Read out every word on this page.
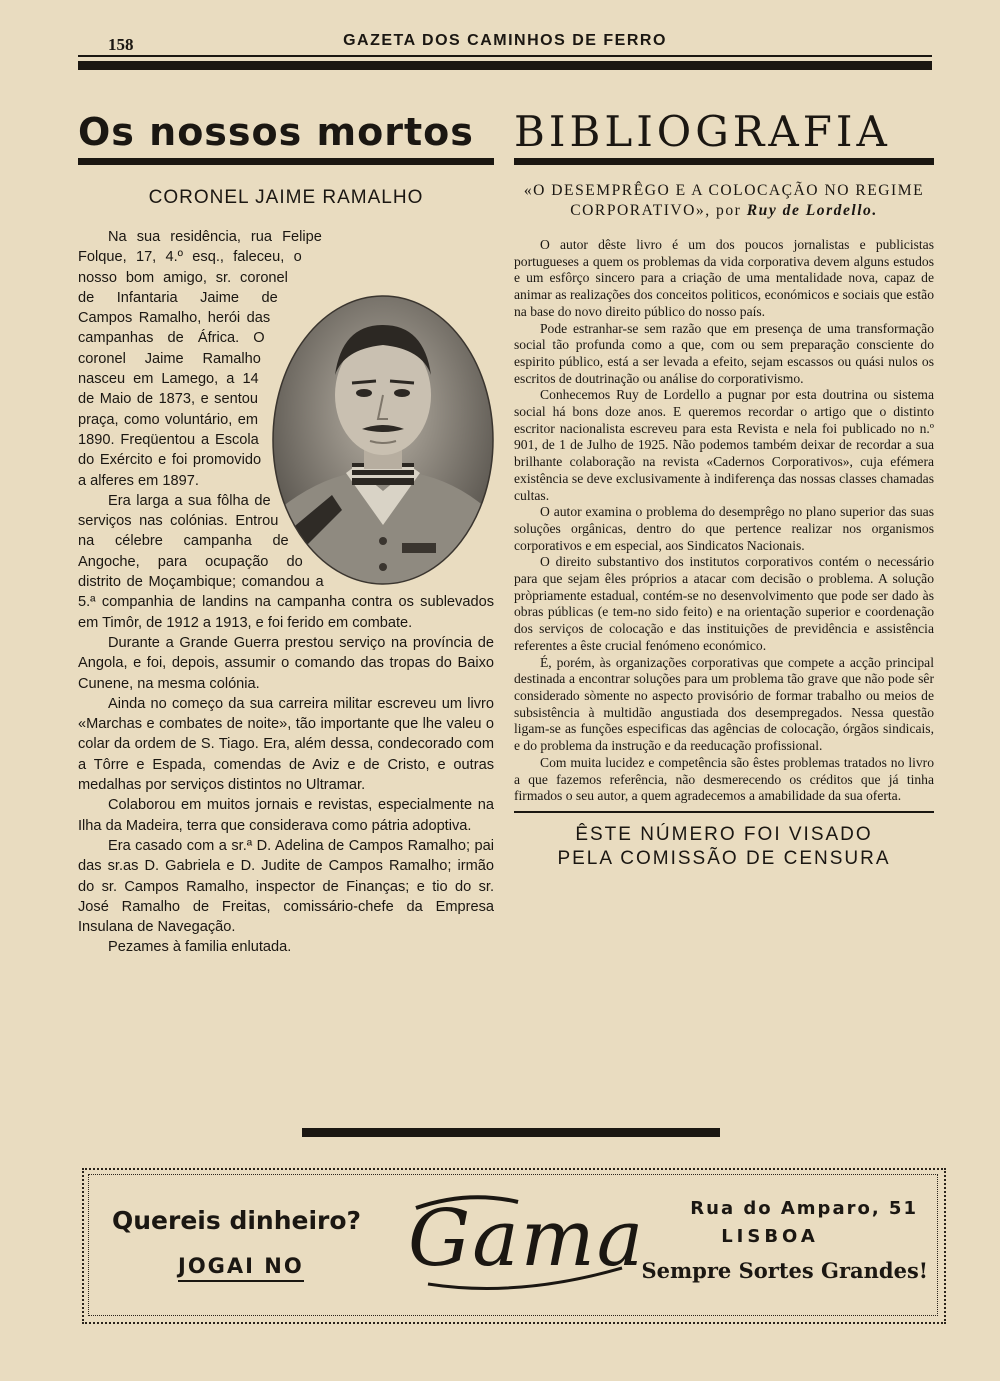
158	GAZETA DOS CAMINHOS DE FERRO
Os nossos mortos
CORONEL JAIME RAMALHO

Na sua residência, rua Felipe Folque, 17, 4.º esq., faleceu, o nosso bom amigo, sr. coronel de Infantaria Jaime de Campos Ramalho, herói das campanhas de África. O coronel Jaime Ramalho nasceu em Lamego, a 14 de Maio de 1873, e sentou praça, como voluntário, em 1890. Freqüentou a Escola do Exército e foi promovido a alferes em 1897.

Era larga a sua fôlha de serviços nas colónias. Entrou na célebre campanha de Angoche, para ocupação do distrito de Moçambique; comandou a 5.ª companhia de landins na campanha contra os sublevados em Timôr, de 1912 a 1913, e foi ferido em combate.

Durante a Grande Guerra prestou serviço na província de Angola, e foi, depois, assumir o comando das tropas do Baixo Cunene, na mesma colónia.

Ainda no começo da sua carreira militar escreveu um livro «Marchas e combates de noite», tão importante que lhe valeu o colar da ordem de S. Tiago. Era, além dessa, condecorado com a Tôrre e Espada, comendas de Aviz e de Cristo, e outras medalhas por serviços distintos no Ultramar.

Colaborou em muitos jornais e revistas, especialmente na Ilha da Madeira, terra que considerava como pátria adoptiva.

Era casado com a sr.ª D. Adelina de Campos Ramalho; pai das sr.as D. Gabriela e D. Judite de Campos Ramalho; irmão do sr. Campos Ramalho, inspector de Finanças; e tio do sr. José Ramalho de Freitas, comissário-chefe da Empresa Insulana de Navegação.

Pezames à familia enlutada.

BIBLIOGRAFIA
«O DESEMPRÊGO E A COLOCAÇÃO NO REGIME CORPORATIVO», por Ruy de Lordello.

O autor dêste livro é um dos poucos jornalistas e publicistas portugueses a quem os problemas da vida corporativa devem alguns estudos e um esfôrço sincero para a criação de uma mentalidade nova, capaz de animar as realizações dos conceitos politicos, económicos e sociais que estão na base do novo direito público do nosso país.

Pode estranhar-se sem razão que em presença de uma transformação social tão profunda como a que, com ou sem preparação consciente do espirito público, está a ser levada a efeito, sejam escassos ou quási nulos os escritos de doutrinação ou análise do corporativismo.

Conhecemos Ruy de Lordello a pugnar por esta doutrina ou sistema social há bons doze anos. E queremos recordar o artigo que o distinto escritor nacionalista escreveu para esta Revista e nela foi publicado no n.º 901, de 1 de Julho de 1925. Não podemos também deixar de recordar a sua brilhante colaboração na revista «Cadernos Corporativos», cuja efémera existência se deve exclusivamente à indiferença das nossas classes chamadas cultas.

O autor examina o problema do desemprêgo no plano superior das suas soluções orgânicas, dentro do que pertence realizar nos organismos corporativos e em especial, aos Sindicatos Nacionais.

O direito substantivo dos institutos corporativos contém o necessário para que sejam êles próprios a atacar com decisão o problema. A solução pròpriamente estadual, contém-se no desenvolvimento que pode ser dado às obras públicas (e tem-no sido feito) e na orientação superior e coordenação dos serviços de colocação e das instituições de previdência e assistência referentes a êste crucial fenómeno económico.

É, porém, às organizações corporativas que compete a acção principal destinada a encontrar soluções para um problema tão grave que não pode sêr considerado sòmente no aspecto provisório de formar trabalho ou meios de subsistência à multidão angustiada dos desempregados. Nessa questão ligam-se as funções especificas das agências de colocação, órgãos sindicais, e do problema da instrução e da reeducação profissional.

Com muita lucidez e competência são êstes problemas tratados no livro a que fazemos referência, não desmerecendo os créditos que já tinha firmados o seu autor, a quem agradecemos a amabilidade da sua oferta.

ÊSTE NÚMERO FOI VISADO
PELA COMISSÃO DE CENSURA
Quereis dinheiro?
JOGAI NO Gama	Rua do Amparo, 51
LISBOA
Sempre Sortes Grandes!
